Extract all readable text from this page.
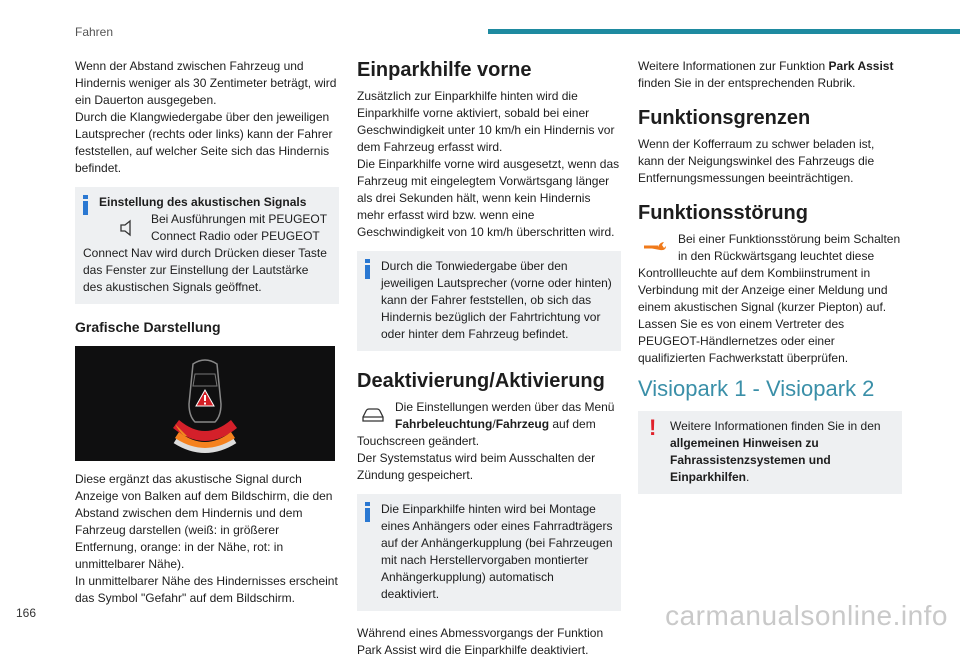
Fahren

Wenn der Abstand zwischen Fahrzeug und Hindernis weniger als 30 Zentimeter beträgt, wird ein Dauerton ausgegeben.

Durch die Klangwiedergabe über den jeweiligen Lautsprecher (rechts oder links) kann der Fahrer feststellen, auf welcher Seite sich das Hindernis befindet.

Einstellung des akustischen Signals
Bei Ausführungen mit PEUGEOT Connect Radio oder PEUGEOT Connect Nav wird durch Drücken dieser Taste das Fenster zur Einstellung der Lautstärke des akustischen Signals geöffnet.
Grafische Darstellung

Diese ergänzt das akustische Signal durch Anzeige von Balken auf dem Bildschirm, die den Abstand zwischen dem Hindernis und dem Fahrzeug darstellen (weiß: in größerer Entfernung, orange: in der Nähe, rot: in unmittelbarer Nähe).

In unmittelbarer Nähe des Hindernisses erscheint das Symbol "Gefahr" auf dem Bildschirm.

Einparkhilfe vorne

Zusätzlich zur Einparkhilfe hinten wird die Einparkhilfe vorne aktiviert, sobald bei einer Geschwindigkeit unter 10 km/h ein Hindernis vor dem Fahrzeug erfasst wird.

Die Einparkhilfe vorne wird ausgesetzt, wenn das Fahrzeug mit eingelegtem Vorwärtsgang länger als drei Sekunden hält, wenn kein Hindernis mehr erfasst wird bzw. wenn eine Geschwindigkeit von 10 km/h überschritten wird.

Durch die Tonwiedergabe über den jeweiligen Lautsprecher (vorne oder hinten) kann der Fahrer feststellen, ob sich das Hindernis bezüglich der Fahrtrichtung vor oder hinter dem Fahrzeug befindet.
Deaktivierung/Aktivierung
Die Einstellungen werden über das Menü Fahrbeleuchtung/Fahrzeug auf dem Touchscreen geändert.

Der Systemstatus wird beim Ausschalten der Zündung gespeichert.

Die Einparkhilfe hinten wird bei Montage eines Anhängers oder eines Fahrradträgers auf der Anhängerkupplung (bei Fahrzeugen mit nach Herstellervorgaben montierter Anhängerkupplung) automatisch deaktiviert.

Während eines Abmessvorgangs der Funktion Park Assist wird die Einparkhilfe deaktiviert.

Weitere Informationen zur Funktion Park Assist finden Sie in der entsprechenden Rubrik.

Funktionsgrenzen

Wenn der Kofferraum zu schwer beladen ist, kann der Neigungswinkel des Fahrzeugs die Entfernungsmessungen beeinträchtigen.

Funktionsstörung
Bei einer Funktionsstörung beim Schalten in den Rückwärtsgang leuchtet diese Kontrollleuchte auf dem Kombiinstrument in Verbindung mit der Anzeige einer Meldung und einem akustischen Signal (kurzer Piepton) auf. Lassen Sie es von einem Vertreter des PEUGEOT-Händlernetzes oder einer qualifizierten Fachwerkstatt überprüfen.
Visiopark 1 - Visiopark 2
!	Weitere Informationen finden Sie in den allgemeinen Hinweisen zu Fahrassistenzsystemen und Einparkhilfen.
166	carmanualsonline.info
